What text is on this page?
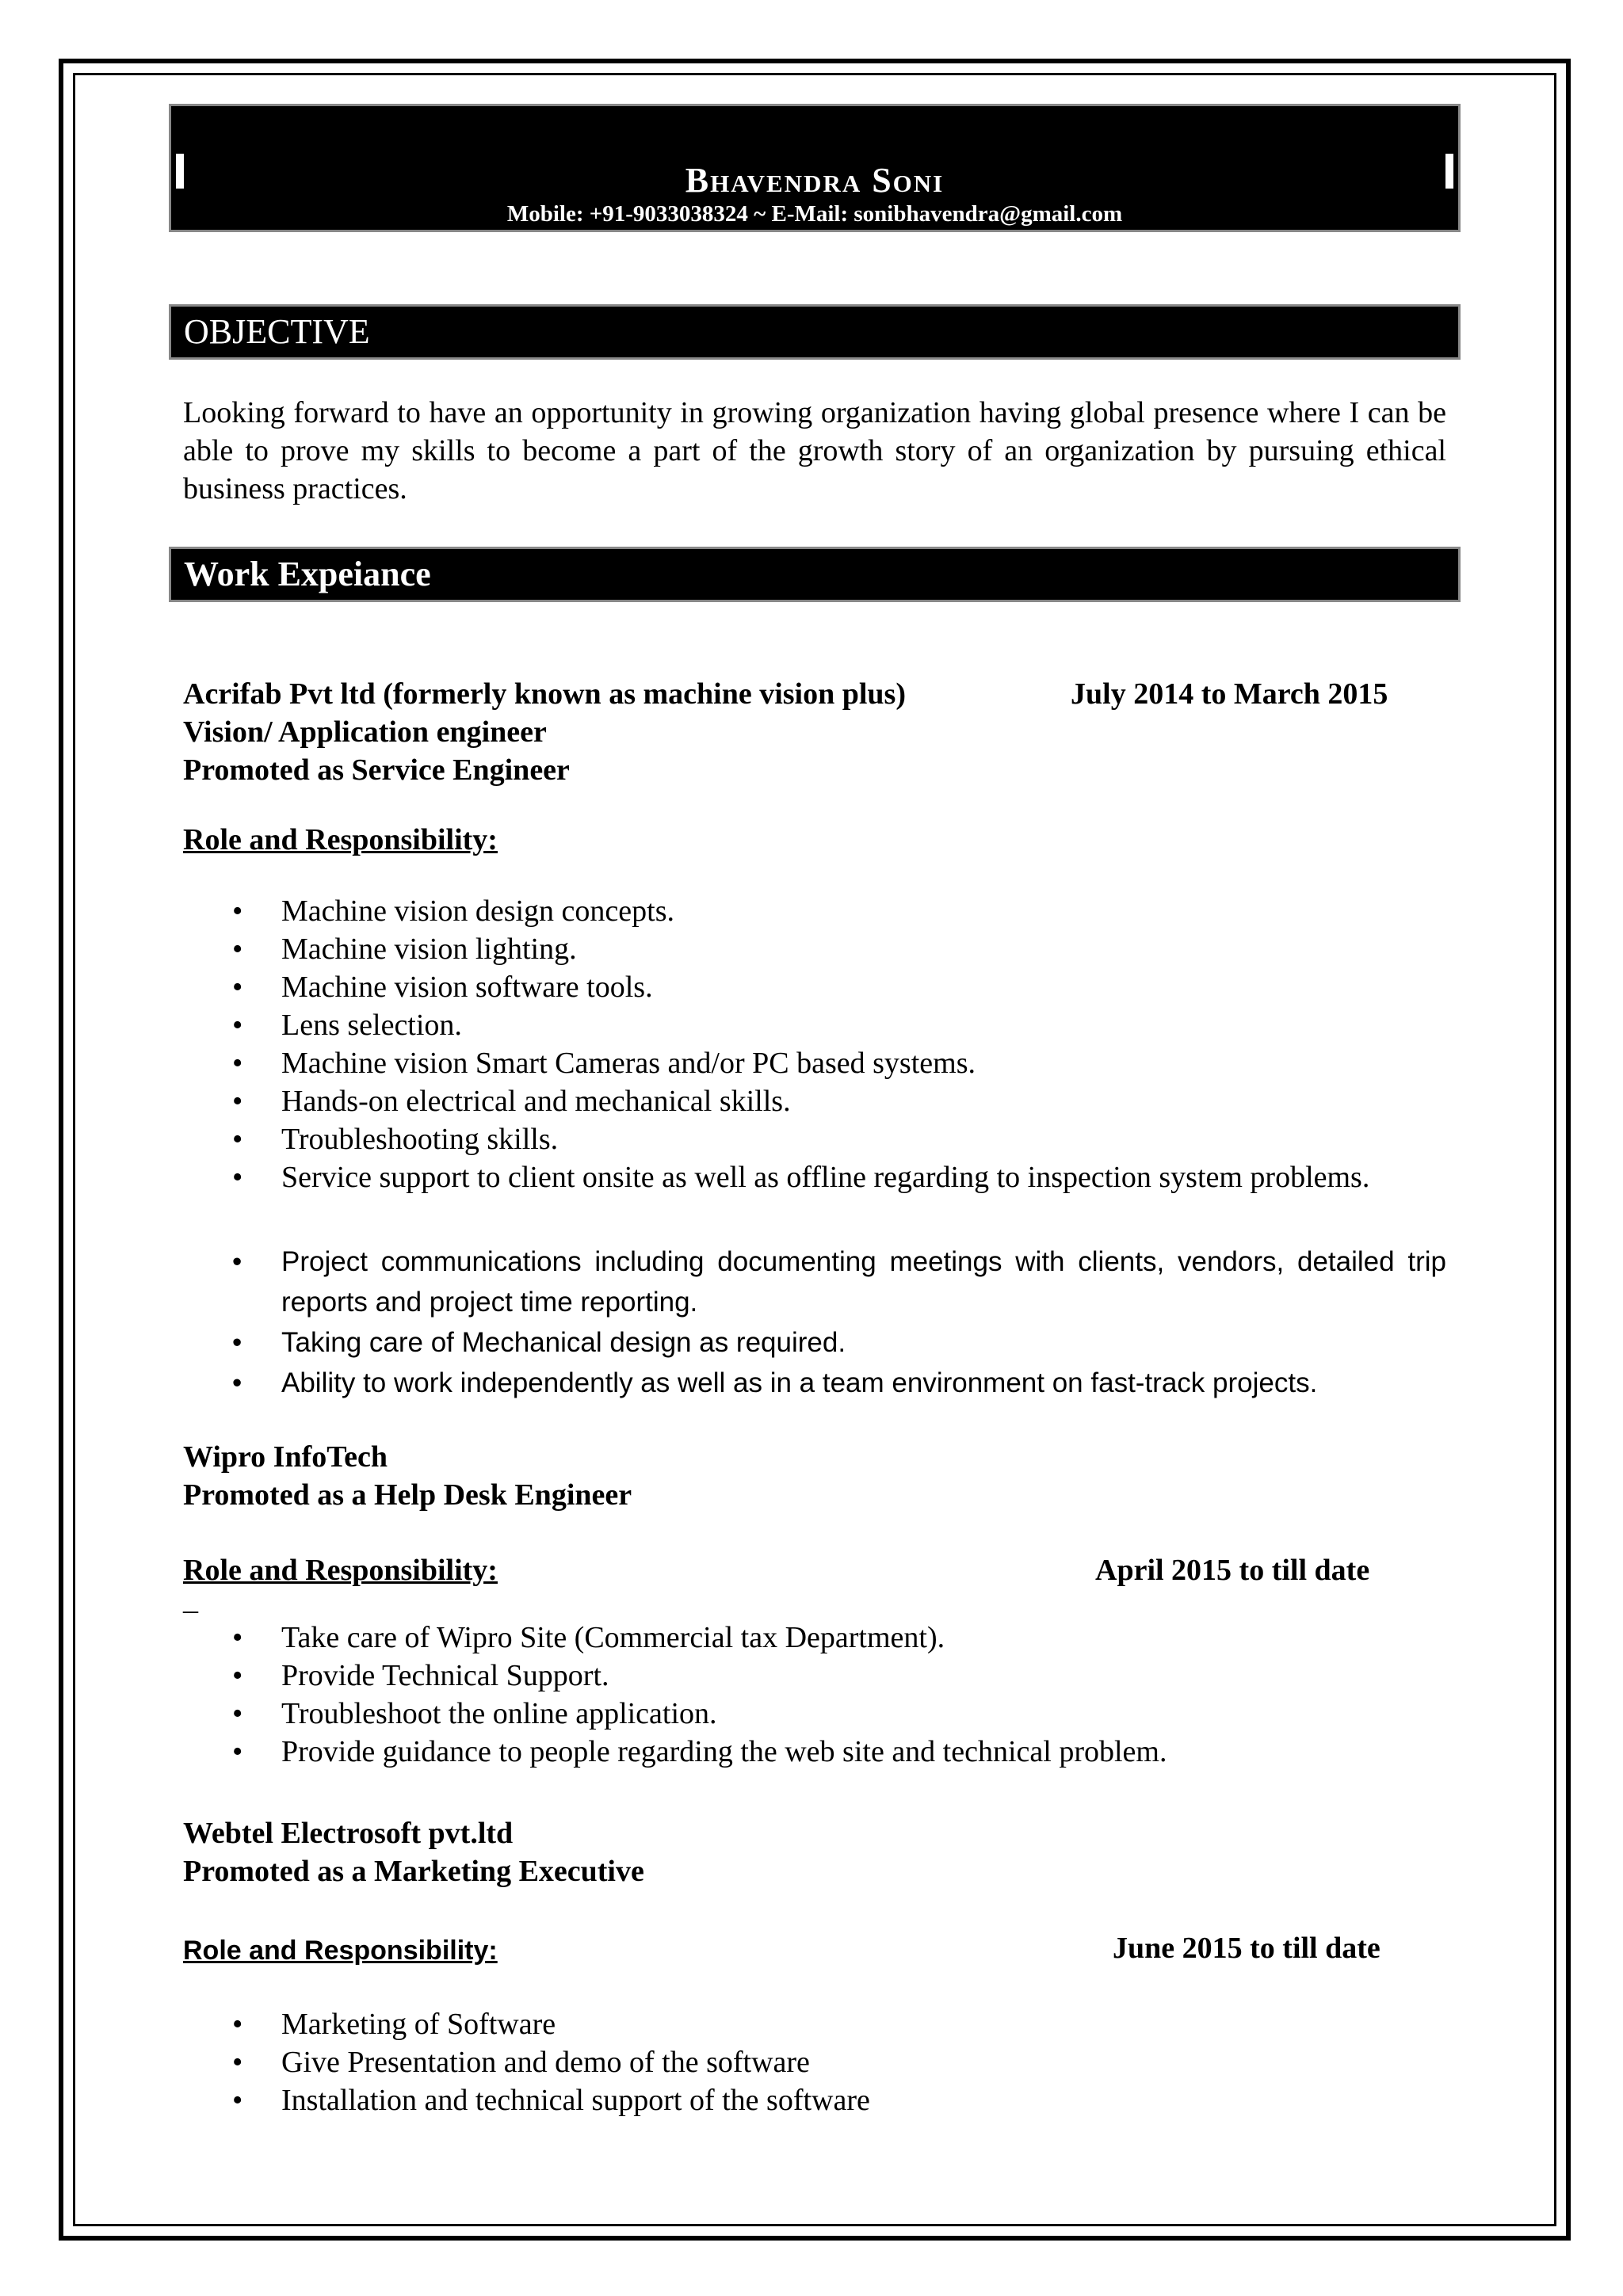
Bhavendra Soni
Mobile: +91-9033038324 ~ E-Mail: sonibhavendra@gmail.com
OBJECTIVE
Looking forward to have an opportunity in growing organization having global presence where I can be able to prove my skills to become a part of the growth story of an organization by pursuing ethical business practices.
Work Expeiance
Acrifab Pvt ltd (formerly known as machine vision plus)	July 2014 to March 2015
Vision/ Application engineer
Promoted as Service Engineer
Role and Responsibility:
• Machine vision design concepts.
• Machine vision lighting.
• Machine vision software tools.
• Lens selection.
• Machine vision Smart Cameras and/or PC based systems.
• Hands-on electrical and mechanical skills.
• Troubleshooting skills.
• Service support to client onsite as well as offline regarding to inspection system problems.
• Project communications including documenting meetings with clients, vendors, detailed trip reports and project time reporting.
• Taking care of Mechanical design as required.
• Ability to work independently as well as in a team environment on fast-track projects.
Wipro InfoTech
Promoted as a Help Desk Engineer
Role and Responsibility:	April 2015 to till date
_
• Take care of Wipro Site (Commercial tax Department).
• Provide Technical Support.
• Troubleshoot the online application.
• Provide guidance to people regarding the web site and technical problem.
Webtel Electrosoft pvt.ltd
Promoted as a Marketing Executive
Role and Responsibility:	June 2015 to till date
• Marketing of Software
• Give Presentation and demo of the software
• Installation and technical support of the software
